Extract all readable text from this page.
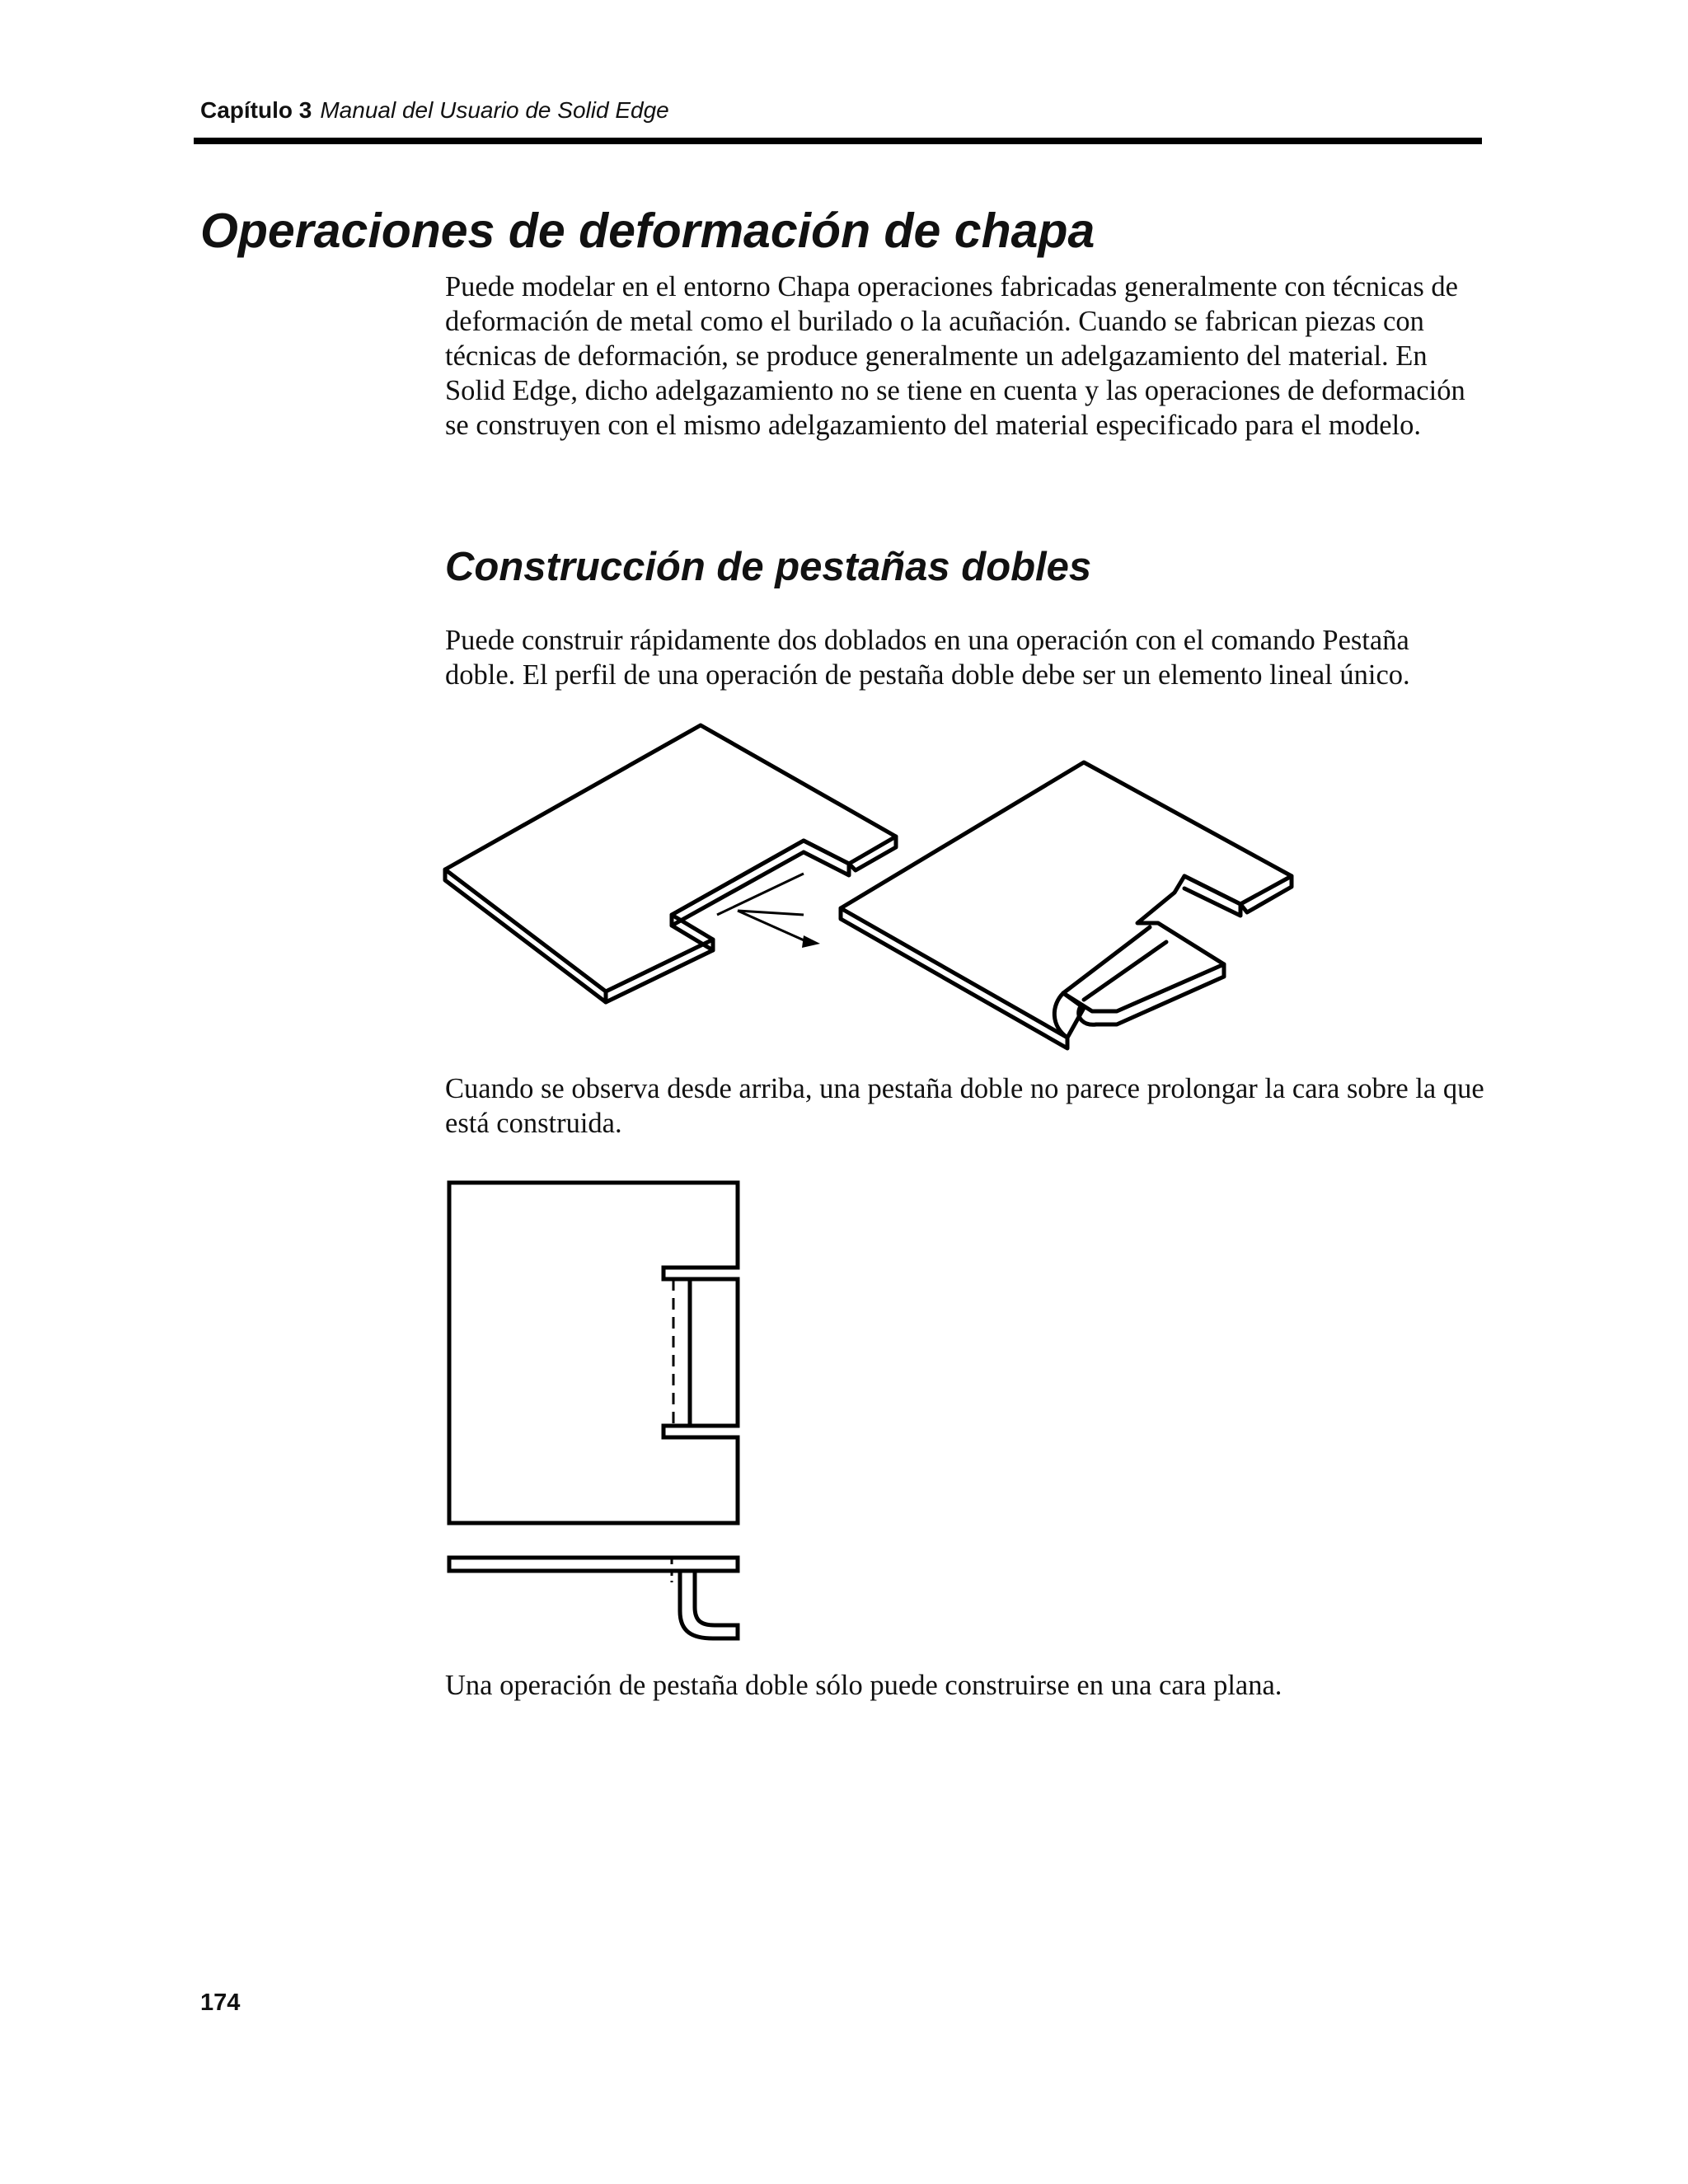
Capítulo 3 Manual del Usuario de Solid Edge
Operaciones de deformación de chapa

Puede modelar en el entorno Chapa operaciones fabricadas generalmente con técnicas de deformación de metal como el burilado o la acuñación. Cuando se fabrican piezas con técnicas de deformación, se produce generalmente un adelgazamiento del material. En Solid Edge, dicho adelgazamiento no se tiene en cuenta y las operaciones de deformación se construyen con el mismo adelgazamiento del material especificado para el modelo.

Construcción de pestañas dobles

Puede construir rápidamente dos doblados en una operación con el comando Pestaña doble. El perfil de una operación de pestaña doble debe ser un elemento lineal único.

Cuando se observa desde arriba, una pestaña doble no parece prolongar la cara sobre la que está construida.

Una operación de pestaña doble sólo puede construirse en una cara plana.

174
